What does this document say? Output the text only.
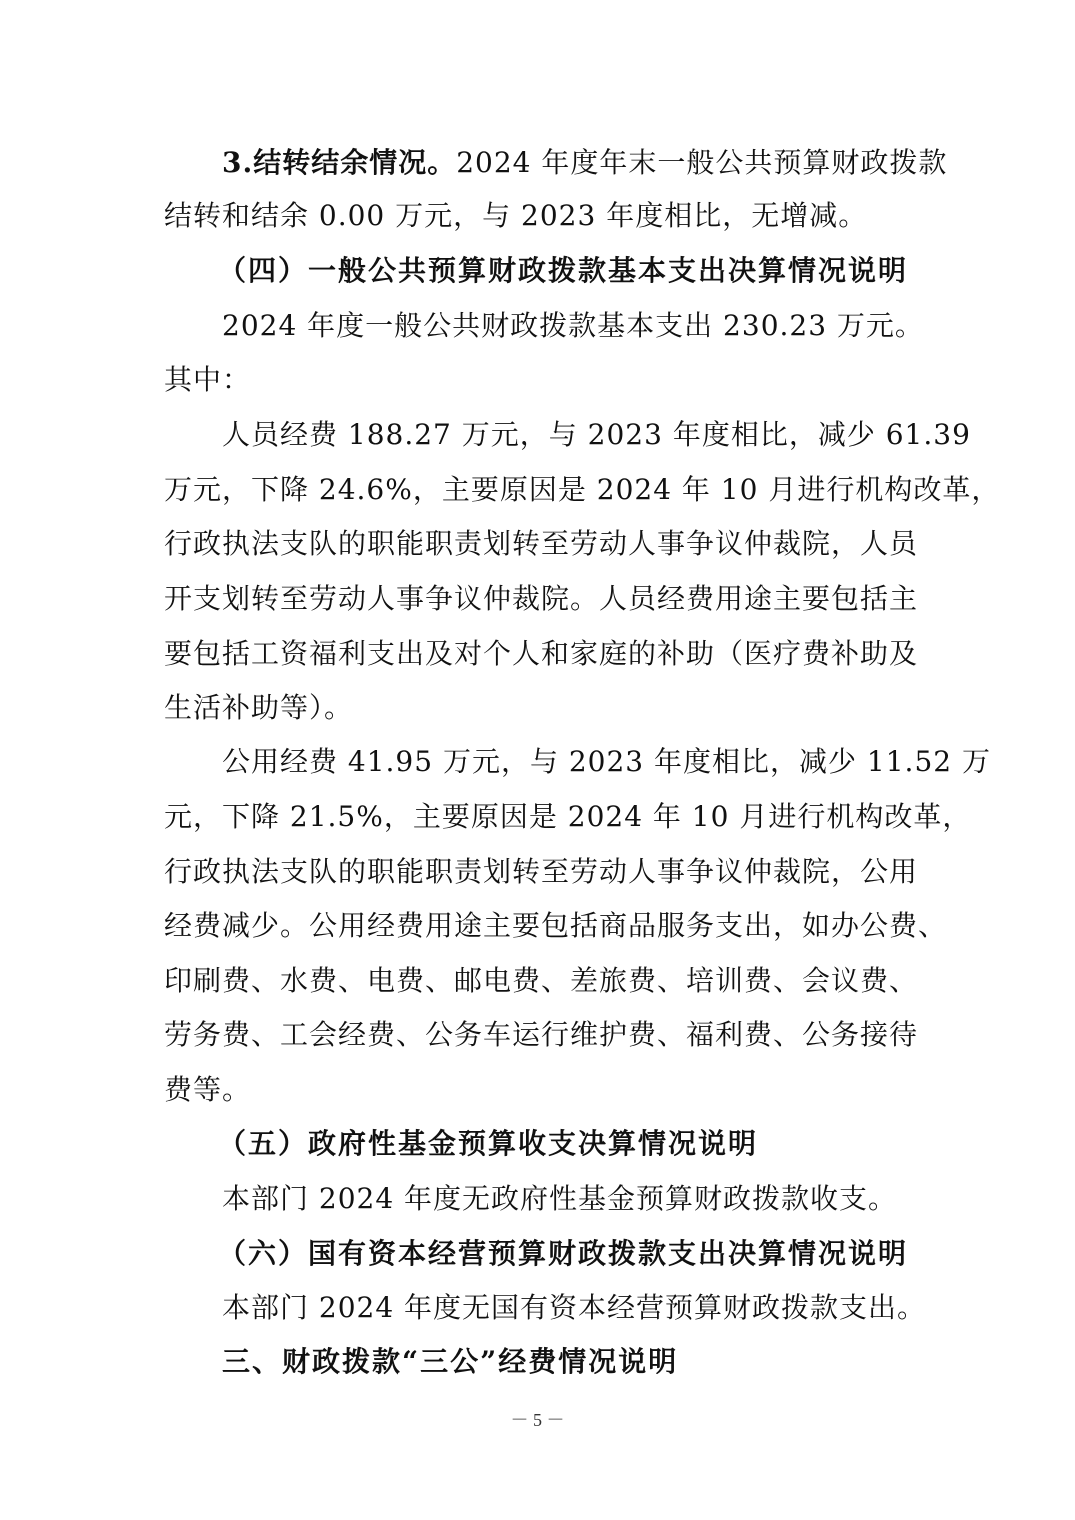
3.结转结余情况。2024 年度年末一般公共预算财政拨款
结转和结余 0.00 万元，与 2023 年度相比，无增减。
（四）一般公共预算财政拨款基本支出决算情况说明
2024 年度一般公共财政拨款基本支出 230.23 万元。
其中：
人员经费 188.27 万元，与 2023 年度相比，减少 61.39
万元，下降 24.6%，主要原因是 2024 年 10 月进行机构改革，
行政执法支队的职能职责划转至劳动人事争议仲裁院，人员
开支划转至劳动人事争议仲裁院。人员经费用途主要包括主
要包括工资福利支出及对个人和家庭的补助（医疗费补助及
生活补助等）。
公用经费 41.95 万元，与 2023 年度相比，减少 11.52 万
元，下降 21.5%，主要原因是 2024 年 10 月进行机构改革，
行政执法支队的职能职责划转至劳动人事争议仲裁院，公用
经费减少。公用经费用途主要包括商品服务支出，如办公费、
印刷费、水费、电费、邮电费、差旅费、培训费、会议费、
劳务费、工会经费、公务车运行维护费、福利费、公务接待
费等。
（五）政府性基金预算收支决算情况说明
本部门 2024 年度无政府性基金预算财政拨款收支。
（六）国有资本经营预算财政拨款支出决算情况说明
本部门 2024 年度无国有资本经营预算财政拨款支出。
三、财政拨款“三公”经费情况说明
－ 5 －
